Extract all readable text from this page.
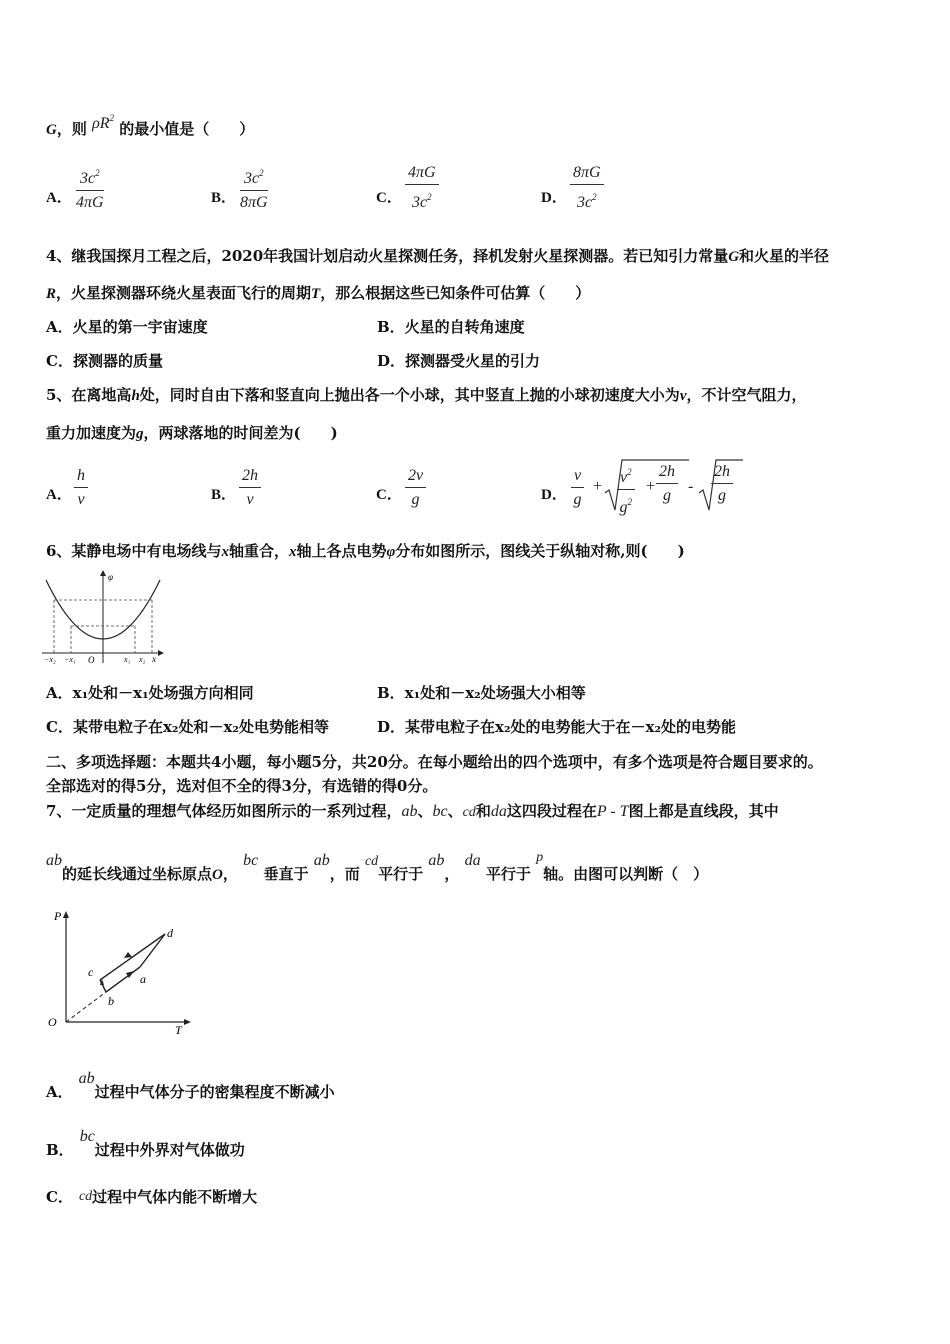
G，则 $\rho R^2$ 的最小值是（　　）
A． $\frac{3c^2}{4\pi G}$	B． $\frac{3c^2}{8\pi G}$	C． $\frac{4\pi G}{3c^2}$	D． $\frac{8\pi G}{3c^2}$
4、继我国探月工程之后，2020年我国计划启动火星探测任务，择机发射火星探测器。若已知引力常量G和火星的半径
R，火星探测器环绕火星表面飞行的周期T，那么根据这些已知条件可估算（　　）
A．火星的第一宇宙速度	B．火星的自转角速度
C．探测器的质量	D．探测器受火星的引力
5、在离地高h处，同时自由下落和竖直向上抛出各一个小球，其中竖直上抛的小球初速度大小为v，不计空气阻力，
重力加速度为g，两球落地的时间差为(　　)
A． $\frac{h}{v}$	B． $\frac{2h}{v}$	C． $\frac{2v}{g}$	D． $\frac{v}{g} + \frac{v^2}{g^2} + \frac{2h}{g} - \frac{2h}{g}$
6、某静电场中有电场线与x轴重合，x轴上各点电势φ分布如图所示，图线关于纵轴对称,则(　　)
φ
x
−x₂ −x₁ O	x₁ x₂
A．x₁处和－x₁处场强方向相同	B．x₁处和－x₂处场强大小相等
C．某带电粒子在x₂处和－x₂处电势能相等	D．某带电粒子在x₂处的电势能大于在－x₂处的电势能
二、多项选择题：本题共4小题，每小题5分，共20分。在每小题给出的四个选项中，有多个选项是符合题目要求的。
全部选对的得5分，选对但不全的得3分，有选错的得0分。
7、一定质量的理想气体经历如图所示的一系列过程，ab、bc、cd和da这四段过程在P - T图上都是直线段，其中
ab的延长线通过坐标原点O， bc 垂直于 ab，而 cd平行于 ab， da 平行于 p轴。由图可以判断（　）
P
T
O
a
b
c
d
A．ab过程中气体分子的密集程度不断减小
B．bc过程中外界对气体做功
C． cd过程中气体内能不断增大
